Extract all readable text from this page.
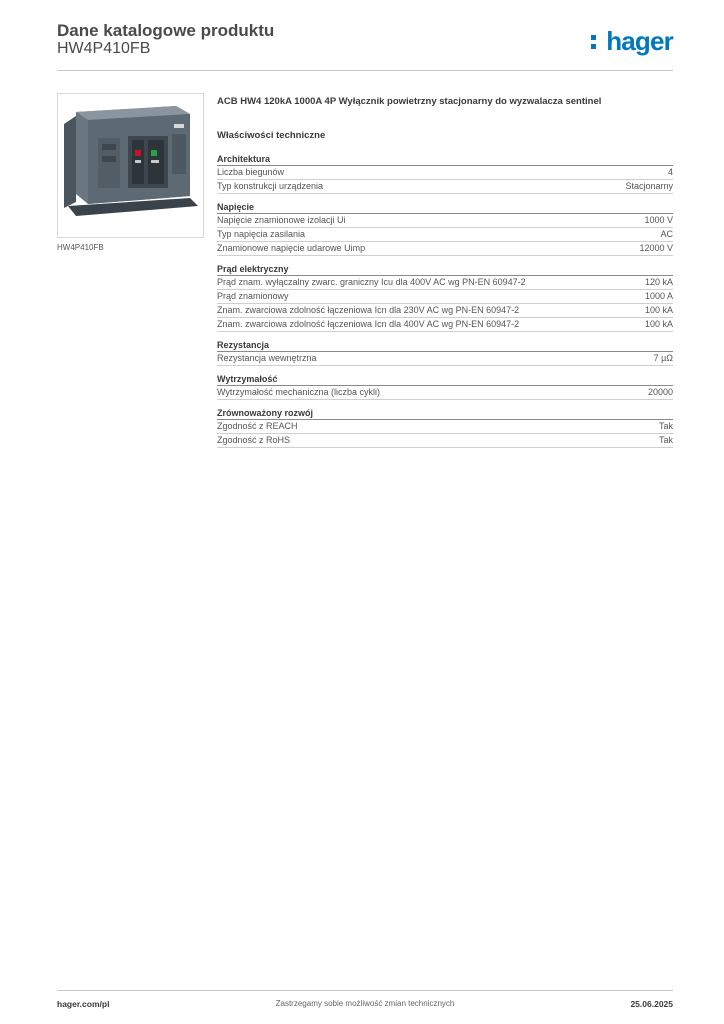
Dane katalogowe produktu
HW4P410FB	hager
HW4P410FB
ACB HW4 120kA 1000A 4P Wyłącznik powietrzny stacjonarny do wyzwalacza sentinel
Właściwości techniczne
Architektura
Liczba biegunów	4
Typ konstrukcji urządzenia	Stacjonarny
Napięcie
Napięcie znamionowe izolacji Ui	1000 V
Typ napięcia zasilania	AC
Znamionowe napięcie udarowe Uimp	12000 V
Prąd elektryczny
Prąd znam. wyłączalny zwarc. graniczny Icu dla 400V AC wg PN-EN 60947-2	120 kA
Prąd znamionowy	1000 A
Znam. zwarciowa zdolność łączeniowa Icn dla 230V AC wg PN-EN 60947-2	100 kA
Znam. zwarciowa zdolność łączeniowa Icn dla 400V AC wg PN-EN 60947-2	100 kA
Rezystancja
Rezystancja wewnętrzna	7 µΩ
Wytrzymałość
Wytrzymałość mechaniczna (liczba cykli)	20000
Zrównoważony rozwój
Zgodność z REACH	Tak
Zgodność z RoHS	Tak
hager.com/pl	Zastrzegamy sobie możliwość zmian technicznych	25.06.2025
